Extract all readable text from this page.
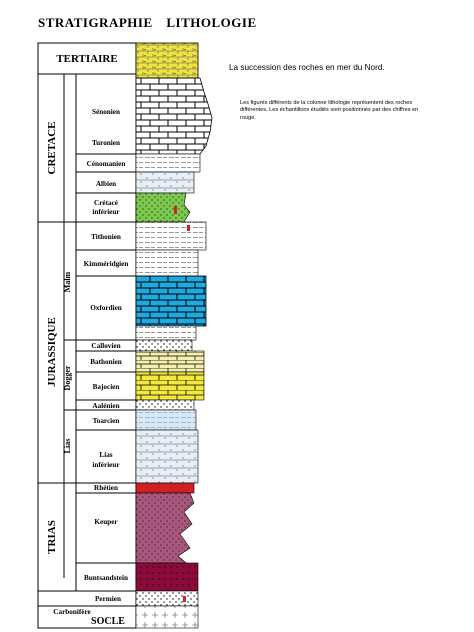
STRATIGRAPHIE LITHOLOGIE
La succession des roches en mer du Nord.
Les figurés différents de la colonne lithologie représentent des roches différentes. Les échantillons étudiés sont positionnés par des chiffres en rouge.
TERTIAIRE
CRETACE
JURASSIQUE
TRIAS
SOCLE
Malm
Dogger
Lias
Sénonien
Turonien
Cénomanien
Albien
Crétacé
inférieur
Tithonien
Kimméridgien
Oxfordien
Callovien
Bathonien
Bajocien
Aalénien
Toarcien
Lias
inférieur
Rhétien
Keuper
Buntsandstein
Permien
Carbonifère
